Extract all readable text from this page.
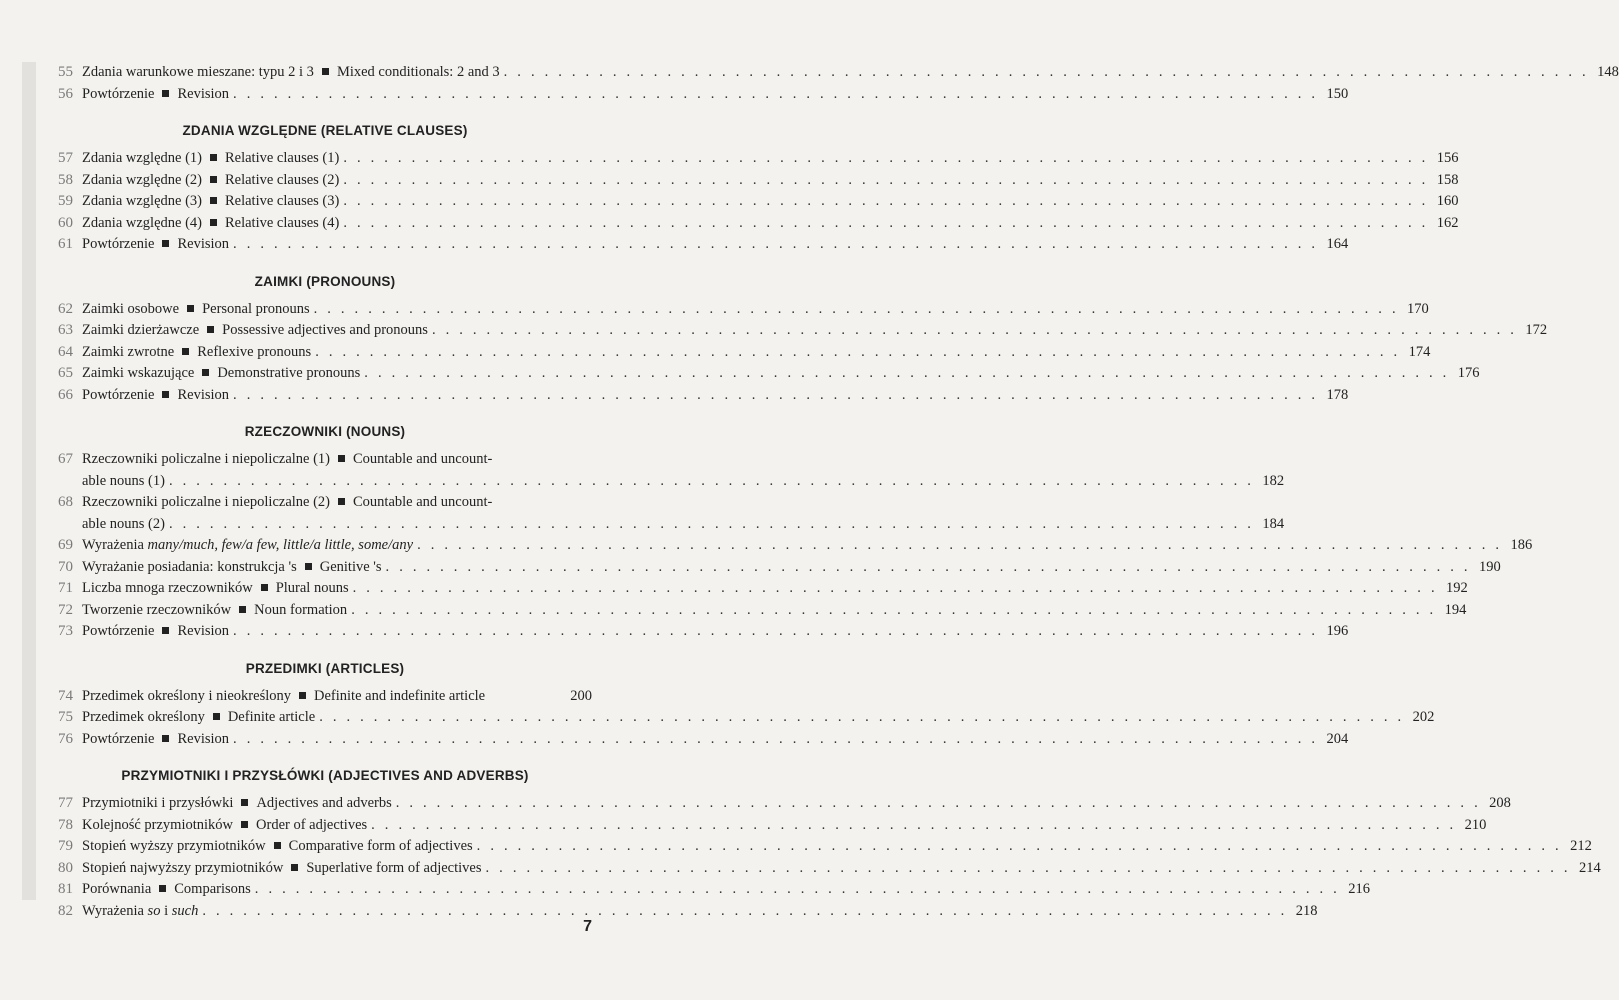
55 Zdania warunkowe mieszane: typu 2 i 3 Mixed conditionals: 2 and 3 . . . . . . . . . . . . . . . . . . . . . . . . . . . . . . . . . . . . . . . . . . . . . . . . . . . . . . . . . . . . . . . . . . . . . . . . . . . . . . . . 148
56 Powtórzenie Revision . . . . . . . . . . . . . . . . . . . . . . . . . . . . . . . . . . . . . . . . . . . . . . . . . . . . . . . . . . . . . . . . . . . . . . . . . . . . . . . . 150
ZDANIA WZGLĘDNE (RELATIVE CLAUSES)
57 Zdania względne (1) Relative clauses (1) . . . . . . . . . . . . . . . . . . . . . . . . . . . . . . . . . . . . . . . . . . . . . . . . . . . . . . . . . . . . . . . . . . . . . . . . . . . . . . . . 156
58 Zdania względne (2) Relative clauses (2) . . . . . . . . . . . . . . . . . . . . . . . . . . . . . . . . . . . . . . . . . . . . . . . . . . . . . . . . . . . . . . . . . . . . . . . . . . . . . . . . 158
59 Zdania względne (3) Relative clauses (3) . . . . . . . . . . . . . . . . . . . . . . . . . . . . . . . . . . . . . . . . . . . . . . . . . . . . . . . . . . . . . . . . . . . . . . . . . . . . . . . . 160
60 Zdania względne (4) Relative clauses (4) . . . . . . . . . . . . . . . . . . . . . . . . . . . . . . . . . . . . . . . . . . . . . . . . . . . . . . . . . . . . . . . . . . . . . . . . . . . . . . . . 162
61 Powtórzenie Revision . . . . . . . . . . . . . . . . . . . . . . . . . . . . . . . . . . . . . . . . . . . . . . . . . . . . . . . . . . . . . . . . . . . . . . . . . . . . . . . . 164
ZAIMKI (PRONOUNS)
62 Zaimki osobowe Personal pronouns . . . . . . . . . . . . . . . . . . . . . . . . . . . . . . . . . . . . . . . . . . . . . . . . . . . . . . . . . . . . . . . . . . . . . . . . . . . . . . . . 170
63 Zaimki dzierżawcze Possessive adjectives and pronouns . . . . . . . . . . . . . . . . . . . . . . . . . . . . . . . . . . . . . . . . . . . . . . . . . . . . . . . . . . . . . . . . . . . . . . . . . . . . . . . . 172
64 Zaimki zwrotne Reflexive pronouns . . . . . . . . . . . . . . . . . . . . . . . . . . . . . . . . . . . . . . . . . . . . . . . . . . . . . . . . . . . . . . . . . . . . . . . . . . . . . . . . 174
65 Zaimki wskazujące Demonstrative pronouns . . . . . . . . . . . . . . . . . . . . . . . . . . . . . . . . . . . . . . . . . . . . . . . . . . . . . . . . . . . . . . . . . . . . . . . . . . . . . . . . 176
66 Powtórzenie Revision . . . . . . . . . . . . . . . . . . . . . . . . . . . . . . . . . . . . . . . . . . . . . . . . . . . . . . . . . . . . . . . . . . . . . . . . . . . . . . . . 178
RZECZOWNIKI (NOUNS)
67 Rzeczowniki policzalne i niepoliczalne (1) Countable and uncount-
able nouns (1) . . . . . . . . . . . . . . . . . . . . . . . . . . . . . . . . . . . . . . . . . . . . . . . . . . . . . . . . . . . . . . . . . . . . . . . . . . . . . . . . 182
68 Rzeczowniki policzalne i niepoliczalne (2) Countable and uncount-
able nouns (2) . . . . . . . . . . . . . . . . . . . . . . . . . . . . . . . . . . . . . . . . . . . . . . . . . . . . . . . . . . . . . . . . . . . . . . . . . . . . . . . . 184
69 Wyrażenia many/much, few/a few, little/a little, some/any . . . . . . . . . . . . . . . . . . . . . . . . . . . . . . . . . . . . . . . . . . . . . . . . . . . . . . . . . . . . . . . . . . . . . . . . . . . . . . . . 186
70 Wyrażanie posiadania: konstrukcja 's Genitive 's . . . . . . . . . . . . . . . . . . . . . . . . . . . . . . . . . . . . . . . . . . . . . . . . . . . . . . . . . . . . . . . . . . . . . . . . . . . . . . . . 190
71 Liczba mnoga rzeczowników Plural nouns . . . . . . . . . . . . . . . . . . . . . . . . . . . . . . . . . . . . . . . . . . . . . . . . . . . . . . . . . . . . . . . . . . . . . . . . . . . . . . . . 192
72 Tworzenie rzeczowników Noun formation . . . . . . . . . . . . . . . . . . . . . . . . . . . . . . . . . . . . . . . . . . . . . . . . . . . . . . . . . . . . . . . . . . . . . . . . . . . . . . . . 194
73 Powtórzenie Revision . . . . . . . . . . . . . . . . . . . . . . . . . . . . . . . . . . . . . . . . . . . . . . . . . . . . . . . . . . . . . . . . . . . . . . . . . . . . . . . . 196
PRZEDIMKI (ARTICLES)
74 Przedimek określony i nieokreślony Definite and indefinite article	200
75 Przedimek określony Definite article . . . . . . . . . . . . . . . . . . . . . . . . . . . . . . . . . . . . . . . . . . . . . . . . . . . . . . . . . . . . . . . . . . . . . . . . . . . . . . . . 202
76 Powtórzenie Revision . . . . . . . . . . . . . . . . . . . . . . . . . . . . . . . . . . . . . . . . . . . . . . . . . . . . . . . . . . . . . . . . . . . . . . . . . . . . . . . . 204
PRZYMIOTNIKI I PRZYSŁÓWKI (ADJECTIVES AND ADVERBS)
77 Przymiotniki i przysłówki Adjectives and adverbs . . . . . . . . . . . . . . . . . . . . . . . . . . . . . . . . . . . . . . . . . . . . . . . . . . . . . . . . . . . . . . . . . . . . . . . . . . . . . . . . 208
78 Kolejność przymiotników Order of adjectives . . . . . . . . . . . . . . . . . . . . . . . . . . . . . . . . . . . . . . . . . . . . . . . . . . . . . . . . . . . . . . . . . . . . . . . . . . . . . . . . 210
79 Stopień wyższy przymiotników Comparative form of adjectives . . . . . . . . . . . . . . . . . . . . . . . . . . . . . . . . . . . . . . . . . . . . . . . . . . . . . . . . . . . . . . . . . . . . . . . . . . . . . . . . 212
80 Stopień najwyższy przymiotników Superlative form of adjectives . . . . . . . . . . . . . . . . . . . . . . . . . . . . . . . . . . . . . . . . . . . . . . . . . . . . . . . . . . . . . . . . . . . . . . . . . . . . . . . . 214
81 Porównania Comparisons . . . . . . . . . . . . . . . . . . . . . . . . . . . . . . . . . . . . . . . . . . . . . . . . . . . . . . . . . . . . . . . . . . . . . . . . . . . . . . . . 216
82 Wyrażenia so i such . . . . . . . . . . . . . . . . . . . . . . . . . . . . . . . . . . . . . . . . . . . . . . . . . . . . . . . . . . . . . . . . . . . . . . . . . . . . . . . . 218
7
